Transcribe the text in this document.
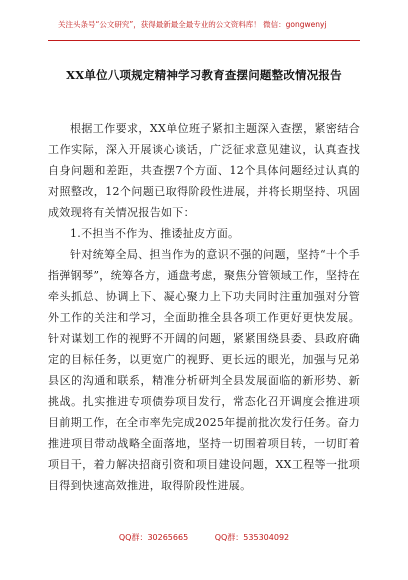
关注头条号“公文研究”，获得最新最全最专业的公文资料库！ 微信：gongwenyj
XX单位八项规定精神学习教育查摆问题整改情况报告

根据工作要求，XX单位班子紧扣主题深入查摆，紧密结合工作实际，深入开展谈心谈话，广泛征求意见建议，认真查找自身问题和差距，共查摆7个方面、12个具体问题经过认真的对照整改，12个问题已取得阶段性进展，并将长期坚持、巩固成效现将有关情况报告如下：

1.不担当不作为、推诿扯皮方面。

针对统筹全局、担当作为的意识不强的问题，坚持“十个手指弹钢琴”，统筹各方，通盘考虑，聚焦分管领域工作，坚持在牵头抓总、协调上下、凝心聚力上下功夫同时注重加强对分管外工作的关注和学习，全面助推全县各项工作更好更快发展。针对谋划工作的视野不开阔的问题，紧紧围绕县委、县政府确定的目标任务，以更宽广的视野、更长远的眼光，加强与兄弟县区的沟通和联系，精准分析研判全县发展面临的新形势、新挑战。扎实推进专项债券项目发行，常态化召开调度会推进项目前期工作，在全市率先完成2025年提前批次发行任务。奋力推进项目带动战略全面落地，坚持一切围着项目转，一切盯着项目干，着力解决招商引资和项目建设问题，XX工程等一批项目得到快速高效推进，取得阶段性进展。

QQ群：30265665	QQ群：535304092
